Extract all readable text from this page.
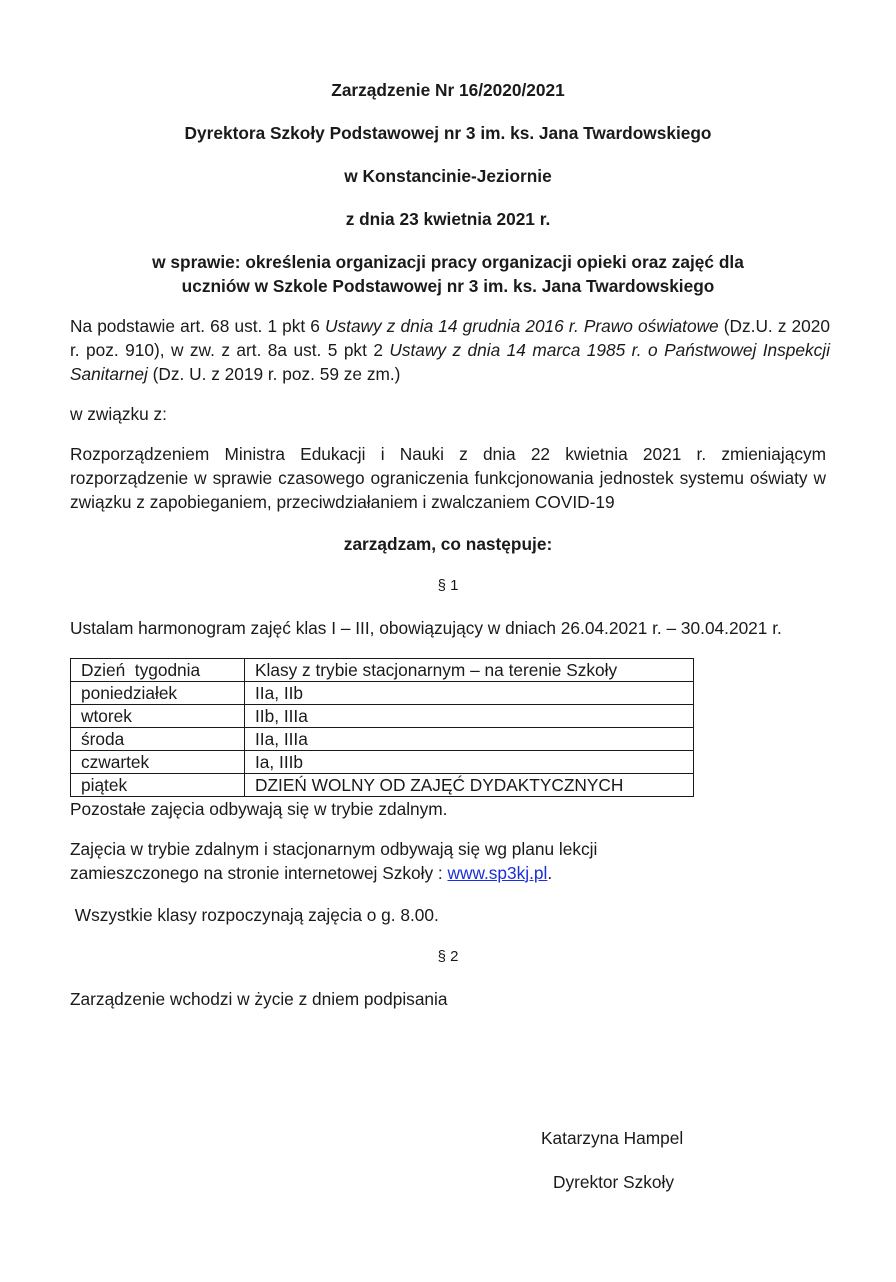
Zarządzenie Nr 16/2020/2021

Dyrektora Szkoły Podstawowej nr 3 im. ks. Jana Twardowskiego

w Konstancinie-Jeziornie

z dnia 23 kwietnia 2021 r.

w sprawie: określenia organizacji pracy organizacji opieki oraz zajęć dla
uczniów w Szkole Podstawowej nr 3 im. ks. Jana Twardowskiego

Na podstawie art. 68 ust. 1 pkt 6 Ustawy z dnia 14 grudnia 2016 r. Prawo oświatowe (Dz.U. z 2020 r. poz. 910), w zw. z art. 8a ust. 5 pkt 2 Ustawy z dnia 14 marca 1985 r. o Państwowej Inspekcji Sanitarnej (Dz. U. z 2019 r. poz. 59 ze zm.)

w związku z:

Rozporządzeniem Ministra Edukacji i Nauki z dnia 22 kwietnia 2021 r. zmieniającym rozporządzenie w sprawie czasowego ograniczenia funkcjonowania jednostek systemu oświaty w związku z zapobieganiem, przeciwdziałaniem i zwalczaniem COVID-19

zarządzam, co następuje:

§ 1

Ustalam harmonogram zajęć klas I – III, obowiązujący w dniach 26.04.2021 r. – 30.04.2021 r.

Dzień  tygodnia	Klasy z trybie stacjonarnym – na terenie Szkoły
poniedziałek	IIa, IIb
wtorek	IIb, IIIa
środa	IIa, IIIa
czwartek	Ia, IIIb
piątek	DZIEŃ WOLNY OD ZAJĘĆ DYDAKTYCZNYCH

Pozostałe zajęcia odbywają się w trybie zdalnym.

Zajęcia w trybie zdalnym i stacjonarnym odbywają się wg planu lekcji zamieszczonego na stronie internetowej Szkoły : www.sp3kj.pl.

Wszystkie klasy rozpoczynają zajęcia o g. 8.00.

§ 2

Zarządzenie wchodzi w życie z dniem podpisania

Katarzyna Hampel
Dyrektor Szkoły
